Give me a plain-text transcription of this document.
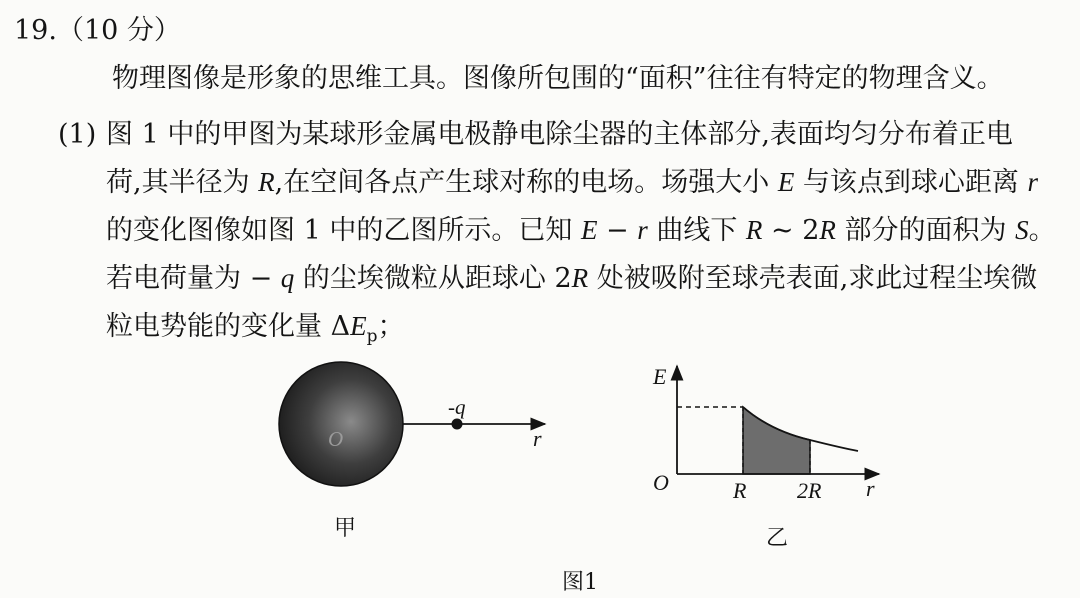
19.（10 分）
物理图像是形象的思维工具。图像所包围的“面积”往往有特定的物理含义。
(1) 图 1 中的甲图为某球形金属电极静电除尘器的主体部分,表面均匀分布着正电
荷,其半径为 R,在空间各点产生球对称的电场。场强大小 E 与该点到球心距离 r
的变化图像如图 1 中的乙图所示。已知 E − r 曲线下 R ~ 2R 部分的面积为 S。
若电荷量为 − q 的尘埃微粒从距球心 2R 处被吸附至球壳表面,求此过程尘埃微
粒电势能的变化量 $\Delta E_p$；
O
-q
r
E
O	R 2R r
甲	乙
图1
